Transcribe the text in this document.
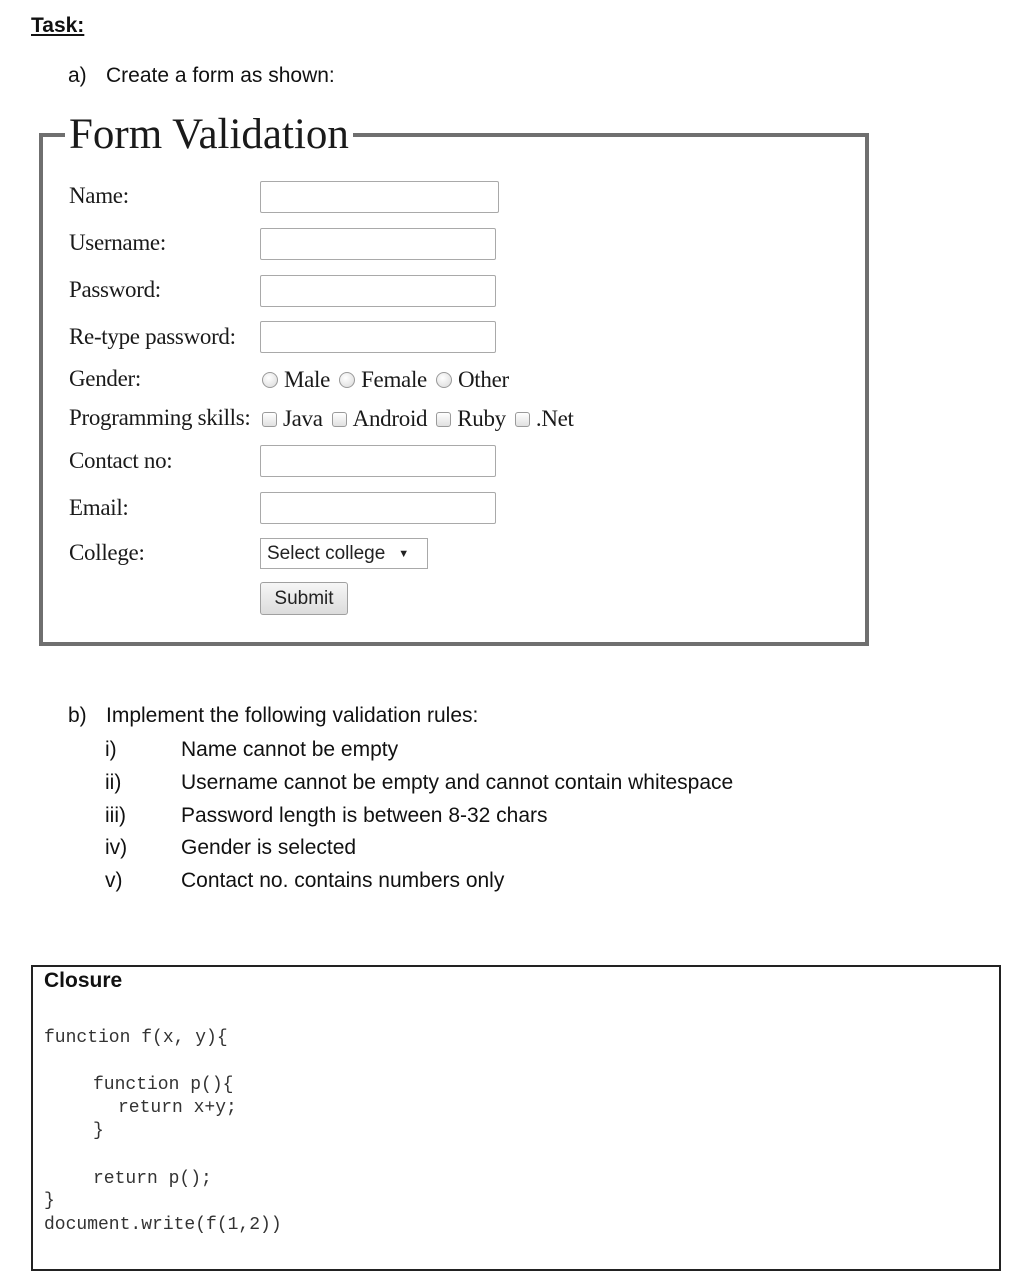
Task:
a) Create a form as shown:
Form Validation
Name:
Username:
Password:
Re-type password:
Gender:	Male Female Other
Programming skills: Java Android Ruby .Net
Contact no:
Email:
College:	Select college ▼
Submit
b) Implement the following validation rules:
i)	Name cannot be empty
ii)	Username cannot be empty and cannot contain whitespace
iii)	Password length is between 8-32 chars
iv)	Gender is selected
v)	Contact no. contains numbers only
Closure
function f(x, y){
function p(){
return x+y;
}
return p();
}
document.write(f(1,2))
